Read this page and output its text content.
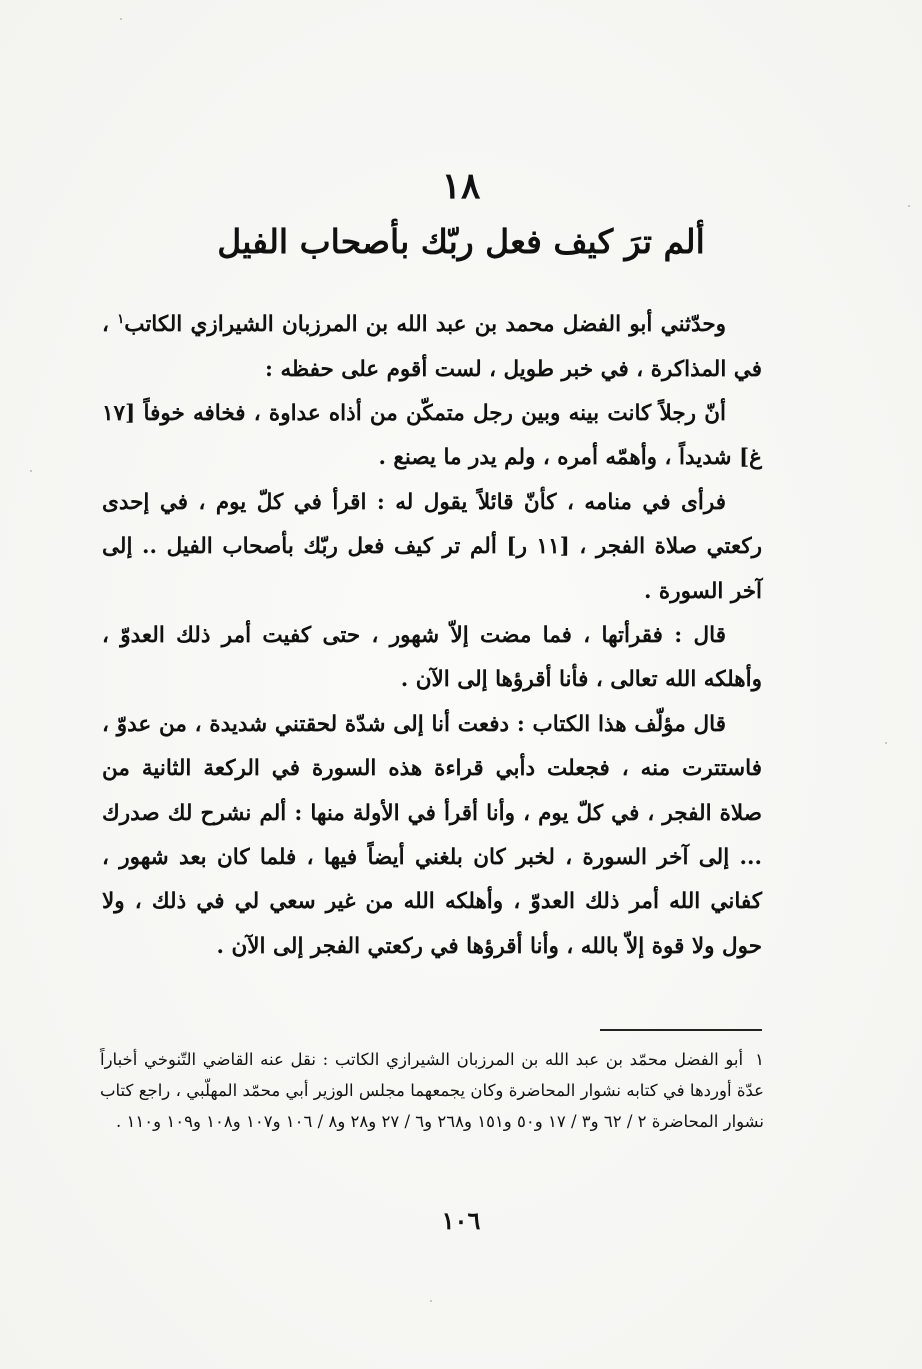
١٨
ألم ترَ كيف فعل ربّك بأصحاب الفيل

وحدّثني أبو الفضل محمد بن عبد الله بن المرزبان الشيرازي الكاتب$^١$ ، في المذاكرة ، في خبر طويل ، لست أقوم على حفظه :

أنّ رجلاً كانت بينه وبين رجل متمكّن من أذاه عداوة ، فخافه خوفاً [١٧ غ] شديداً ، وأهمّه أمره ، ولم يدر ما يصنع .

فرأى في منامه ، كأنّ قائلاً يقول له : اقرأ في كلّ يوم ، في إحدى ركعتي صلاة الفجر ، [١١ ر] ألم تر كيف فعل ربّك بأصحاب الفيل .. إلى آخر السورة .

قال : فقرأتها ، فما مضت إلاّ شهور ، حتى كفيت أمر ذلك العدوّ ، وأهلكه الله تعالى ، فأنا أقرؤها إلى الآن .

قال مؤلّف هذا الكتاب : دفعت أنا إلى شدّة لحقتني شديدة ، من عدوّ ، فاستترت منه ، فجعلت دأبي قراءة هذه السورة في الركعة الثانية من صلاة الفجر ، في كلّ يوم ، وأنا أقرأ في الأولة منها : ألم نشرح لك صدرك ... إلى آخر السورة ، لخبر كان بلغني أيضاً فيها ، فلما كان بعد شهور ، كفاني الله أمر ذلك العدوّ ، وأهلكه الله من غير سعي لي في ذلك ، ولا حول ولا قوة إلاّ بالله ، وأنا أقرؤها في ركعتي الفجر إلى الآن .

١أبو الفضل محمّد بن عبد الله بن المرزبان الشيرازي الكاتب : نقل عنه القاضي التّنوخي أخباراً عدّة أوردها في كتابه نشوار المحاضرة وكان يجمعهما مجلس الوزير أبي محمّد المهلّبي ، راجع كتاب نشوار المحاضرة ٢ / ٦٢ و٣ / ١٧ و٥٠ و١٥١ و٢٦٨ و٦ / ٢٧ و٢٨ و٨ / ١٠٦ و١٠٧ و١٠٨ و١٠٩ و١١٠ .
١٠٦
